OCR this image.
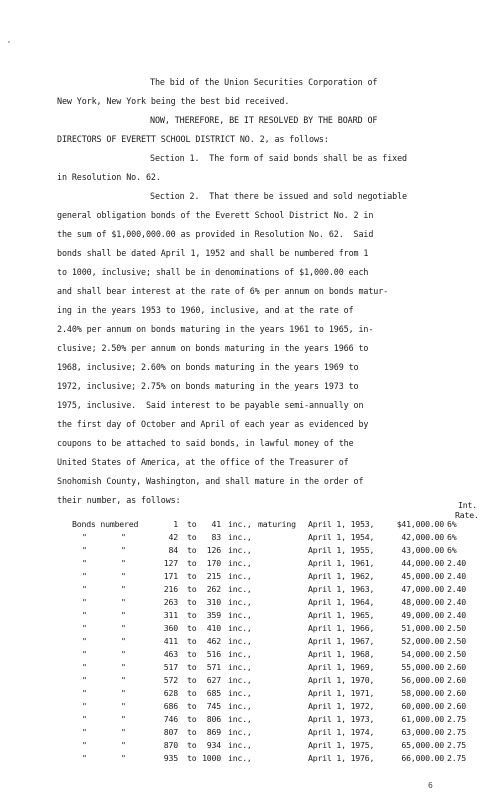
The bid of the Union Securities Corporation of

New York, New York being the best bid received.

NOW, THEREFORE, BE IT RESOLVED BY THE BOARD OF

DIRECTORS OF EVERETT SCHOOL DISTRICT NO. 2, as follows:

Section 1.  The form of said bonds shall be as fixed

in Resolution No. 62.

Section 2.  That there be issued and sold negotiable

general obligation bonds of the Everett School District No. 2 in

the sum of $1,000,000.00 as provided in Resolution No. 62.  Said

bonds shall be dated April 1, 1952 and shall be numbered from 1

to 1000, inclusive; shall be in denominations of $1,000.00 each

and shall bear interest at the rate of 6% per annum on bonds matur-

ing in the years 1953 to 1960, inclusive, and at the rate of

2.40% per annum on bonds maturing in the years 1961 to 1965, in-

clusive; 2.50% per annum on bonds maturing in the years 1966 to

1968, inclusive; 2.60% on bonds maturing in the years 1969 to

1972, inclusive; 2.75% on bonds maturing in the years 1973 to

1975, inclusive.  Said interest to be payable semi-annually on

the first day of October and April of each year as evidenced by

coupons to be attached to said bonds, in lawful money of the

United States of America, at the office of the Treasurer of

Snohomish County, Washington, and shall mature in the order of

their number, as follows:	Int.
Rate.
Bonds numbered	1 to	41 inc., maturing April 1, 1953,	$41,000.00 6%
"	"	42 to	83 inc.,	April 1, 1954,	42,000.00 6%
"	"	84 to	126 inc.,	April 1, 1955,	43,000.00 6%
"	"	127 to	170 inc.,	April 1, 1961,	44,000.00 2.40
"	"	171 to	215 inc.,	April 1, 1962,	45,000.00 2.40
"	"	216 to	262 inc.,	April 1, 1963,	47,000.00 2.40
"	"	263 to	310 inc.,	April 1, 1964,	48,000.00 2.40
"	"	311 to	359 inc.,	April 1, 1965,	49,000.00 2.40
"	"	360 to	410 inc.,	April 1, 1966,	51,000.00 2.50
"	"	411 to	462 inc.,	April 1, 1967,	52,000.00 2.50
"	"	463 to	516 inc.,	April 1, 1968,	54,000.00 2.50
"	"	517 to	571 inc.,	April 1, 1969,	55,000.00 2.60
"	"	572 to	627 inc.,	April 1, 1970,	56,000.00 2.60
"	"	628 to	685 inc.,	April 1, 1971,	58,000.00 2.60
"	"	686 to	745 inc.,	April 1, 1972,	60,000.00 2.60
"	"	746 to	806 inc.,	April 1, 1973,	61,000.00 2.75
"	"	807 to	869 inc.,	April 1, 1974,	63,000.00 2.75
"	"	870 to	934 inc.,	April 1, 1975,	65,000.00 2.75
"	"	935 to 1000 inc.,	April 1, 1976,	66,000.00 2.75
,
6
